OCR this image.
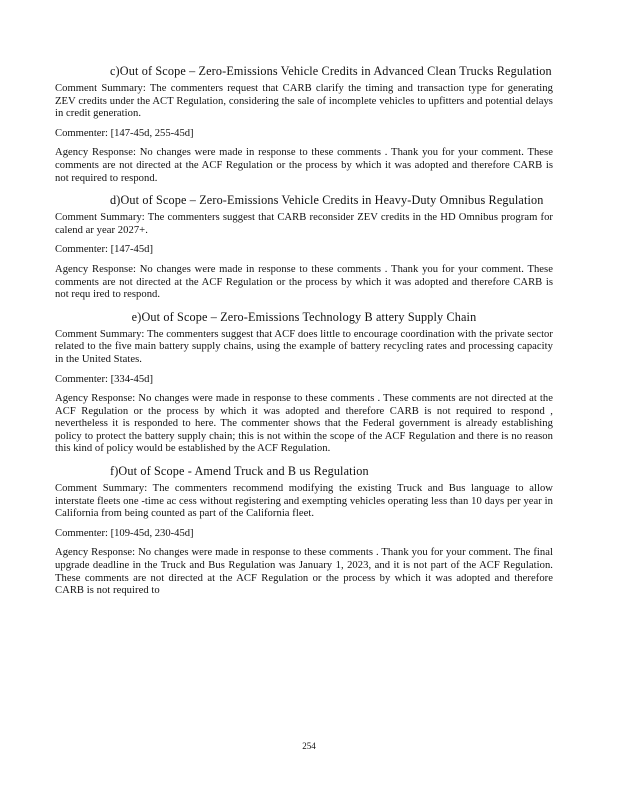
c)Out of Scope – Zero-Emissions Vehicle Credits in Advanced Clean Trucks Regulation

Comment Summary: The commenters request that CARB clarify the timing and transaction type for generating ZEV credits under the ACT Regulation, considering the sale of incomplete vehicles to upfitters and potential delays in credit generation.

Commenter: [147-45d, 255-45d]

Agency Response: No changes were made in response to these comments . Thank you for your comment. These comments are not directed at the ACF Regulation or the process by which it was adopted and therefore CARB is not required to respond.

d)Out of Scope – Zero-Emissions Vehicle Credits in Heavy-Duty Omnibus Regulation

Comment Summary: The commenters suggest that CARB reconsider ZEV credits in the HD Omnibus program for calend ar year 2027+.

Commenter: [147-45d]

Agency Response: No changes were made in response to these comments . Thank you for your comment. These comments are not directed at the ACF Regulation or the process by which it was adopted and therefore CARB is not requ ired to respond.

e)Out of Scope – Zero-Emissions Technology B attery Supply Chain

Comment Summary: The commenters suggest that ACF does little to encourage coordination with the private sector related to the five main battery supply chains, using the example of battery recycling rates and processing capacity in the United States.

Commenter: [334-45d]

Agency Response: No changes were made in response to these comments . These comments are not directed at the ACF Regulation or the process by which it was adopted and therefore CARB is not required to respond , nevertheless it is responded to here. The commenter shows that the Federal government is already establishing policy to protect the battery supply chain; this is not within the scope of the ACF Regulation and there is no reason this kind of policy would be established by the ACF Regulation.

f)Out of Scope - Amend Truck and B us Regulation

Comment Summary: The commenters recommend modifying the existing Truck and Bus language to allow interstate fleets one -time ac cess without registering and exempting vehicles operating less than 10 days per year in California from being counted as part of the California fleet.

Commenter: [109-45d, 230-45d]

Agency Response: No changes were made in response to these comments . Thank you for your comment. The final upgrade deadline in the Truck and Bus Regulation was January 1, 2023, and it is not part of the ACF Regulation. These comments are not directed at the ACF Regulation or the process by which it was adopted and therefore CARB is not required to

254
